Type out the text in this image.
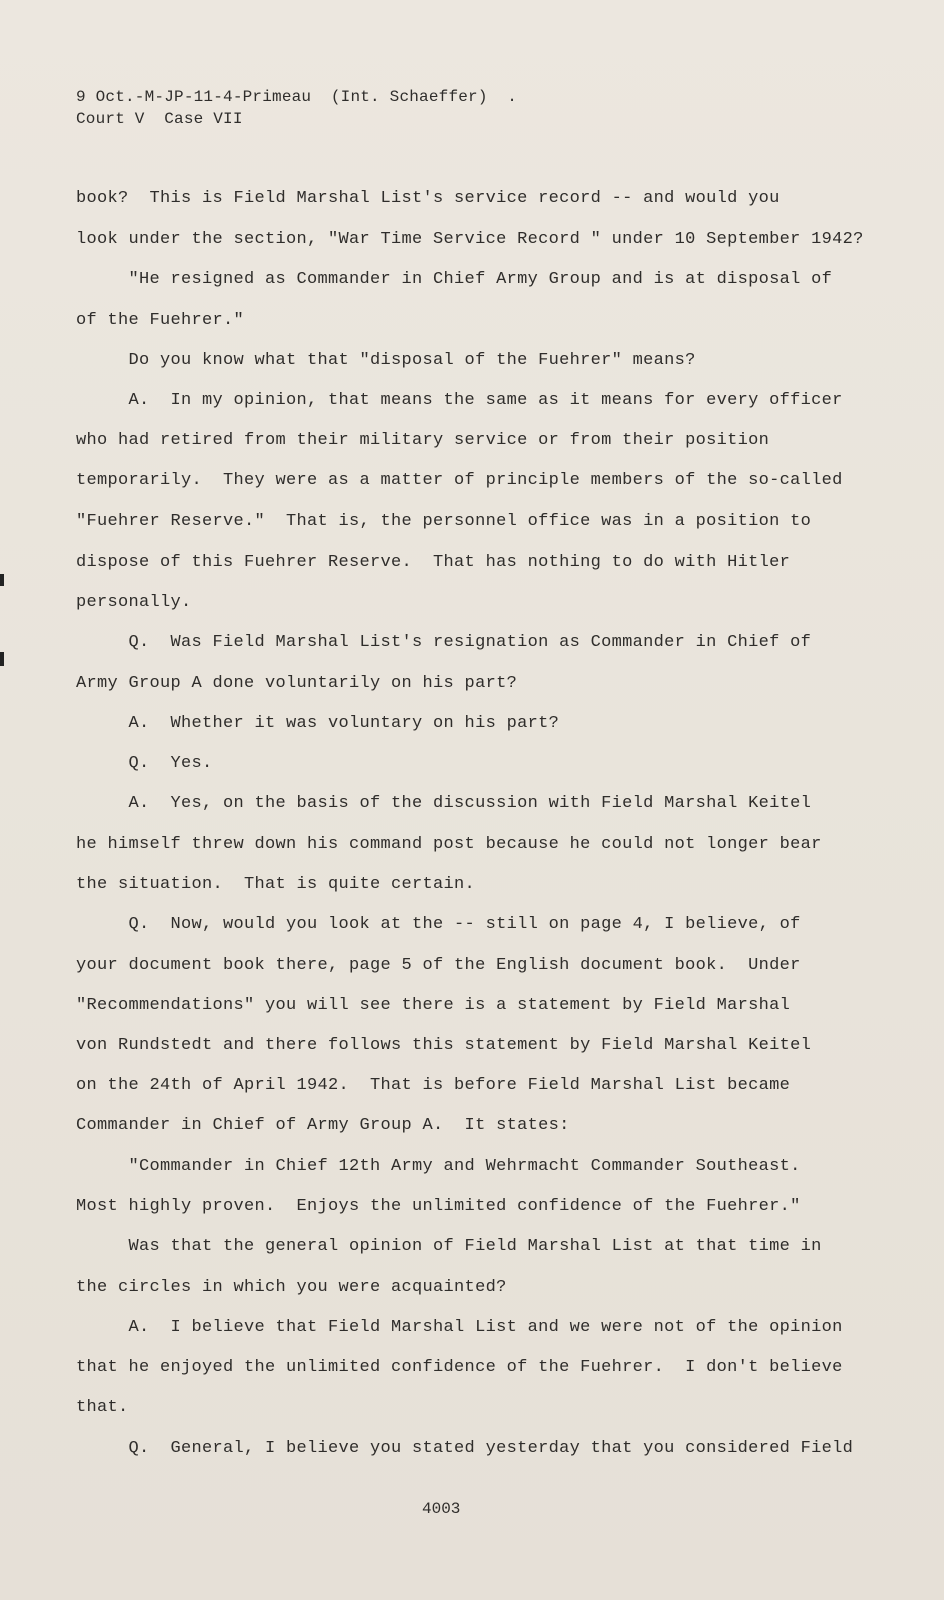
9 Oct.-M-JP-11-4-Primeau  (Int. Schaeffer)  .
Court V  Case VII
book?  This is Field Marshal List's service record -- and would you
look under the section, "War Time Service Record " under 10 September 1942?
"He resigned as Commander in Chief Army Group and is at disposal of
of the Fuehrer."
Do you know what that "disposal of the Fuehrer" means?
A.  In my opinion, that means the same as it means for every officer
who had retired from their military service or from their position
temporarily.  They were as a matter of principle members of the so-called
"Fuehrer Reserve."  That is, the personnel office was in a position to
dispose of this Fuehrer Reserve.  That has nothing to do with Hitler
personally.
Q.  Was Field Marshal List's resignation as Commander in Chief of
Army Group A done voluntarily on his part?
A.  Whether it was voluntary on his part?
Q.  Yes.
A.  Yes, on the basis of the discussion with Field Marshal Keitel
he himself threw down his command post because he could not longer bear
the situation.  That is quite certain.
Q.  Now, would you look at the -- still on page 4, I believe, of
your document book there, page 5 of the English document book.  Under
"Recommendations" you will see there is a statement by Field Marshal
von Rundstedt and there follows this statement by Field Marshal Keitel
on the 24th of April 1942.  That is before Field Marshal List became
Commander in Chief of Army Group A.  It states:
"Commander in Chief 12th Army and Wehrmacht Commander Southeast.
Most highly proven.  Enjoys the unlimited confidence of the Fuehrer."
Was that the general opinion of Field Marshal List at that time in
the circles in which you were acquainted?
A.  I believe that Field Marshal List and we were not of the opinion
that he enjoyed the unlimited confidence of the Fuehrer.  I don't believe
that.
Q.  General, I believe you stated yesterday that you considered Field
4003
